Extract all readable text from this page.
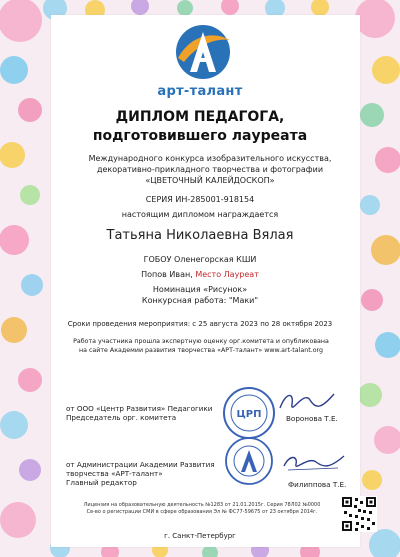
арт-талант
ДИПЛОМ ПЕДАГОГА,
подготовившего лауреата
Международного конкурса изобразительного искусства,
декоративно-прикладного творчества и фотографии
«ЦВЕТОЧНЫЙ КАЛЕЙДОСКОП»
СЕРИЯ ИН-285001-918154
настоящим дипломом награждается
Татьяна Николаевна Вялая
ГОБОУ Оленегорская КШИ
Попов Иван, Место Лауреат
Номинация «Рисунок»
Конкурсная работа: "Маки"
Сроки проведения мероприятия: с 25 августа 2023 по 28 октября 2023
Работа участника прошла экспертную оценку орг.комитета и опубликована
на сайте Академии развития творчества «АРТ-талант» www.art-talant.org
от ООО «Центр Развития» Педагогики
Председатель орг. комитета	ЦРП	Воронова Т.Е.
от Администрации Академии Развития
творчества «АРТ-талант»
Главный редактор	Филиппова Т.Е.
Лицензия на образовательную деятельность №1283 от 21.01.2015г. Серия 78Л02 №0000
Св-во о регистрации СМИ в сфере образования Эл № ФС77-59675 от 23 октября 2014г.
г. Санкт-Петербург
